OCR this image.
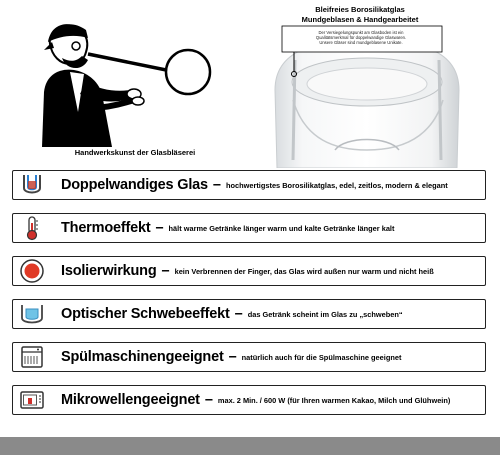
Handwerkskunst der Glasbläserei
Bleifreies Borosilikatglas
Mundgeblasen & Handgearbeitet
Der Versiegelungspunkt am Glasboden ist ein
Qualitätsmerkmal für doppelwandige Glaswaren.
Unsere Gläser sind mundgeblasene Unikate.
Doppelwandiges Glas – hochwertigstes Borosilikatglas, edel, zeitlos, modern & elegant
Thermoeffekt – hält warme Getränke länger warm und kalte Getränke länger kalt
Isolierwirkung – kein Verbrennen der Finger, das Glas wird außen nur warm und nicht heiß
Optischer Schwebeeffekt – das Getränk scheint im Glas zu „schweben“
Spülmaschinengeeignet – natürlich auch für die Spülmaschine geeignet
Mikrowellengeeignet – max. 2 Min. / 600 W (für Ihren warmen Kakao, Milch und Glühwein)
